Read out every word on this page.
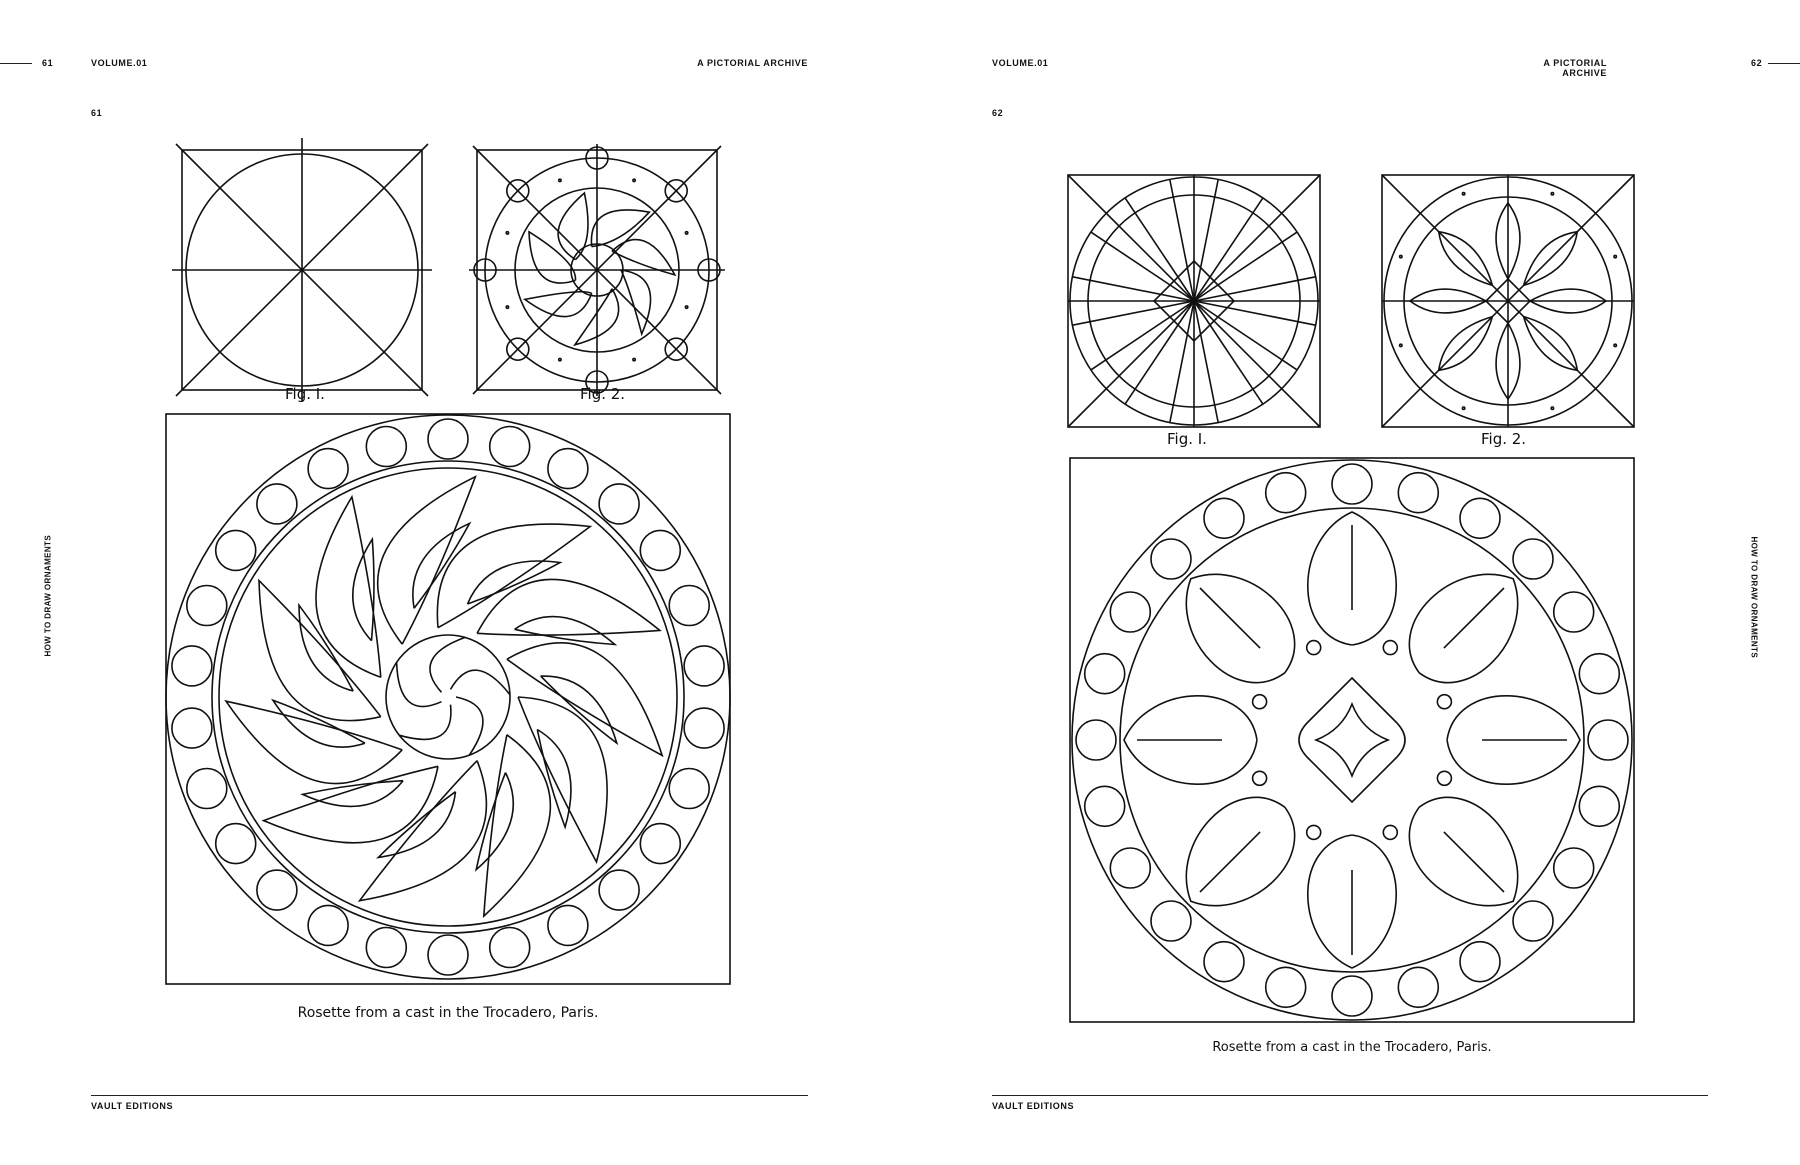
61	VOLUME.01	A PICTORIAL ARCHIVE
61
HOW TO DRAW ORNAMENTS
Fig. I.	Fig. 2.
Rosette from a cast in the Trocadero, Paris.
VAULT EDITIONS
VOLUME.01	A PICTORIAL ARCHIVE
62
62
HOW TO DRAW ORNAMENTS
Fig. I.	Fig. 2.
Rosette from a cast in the Trocadero, Paris.
VAULT EDITIONS
